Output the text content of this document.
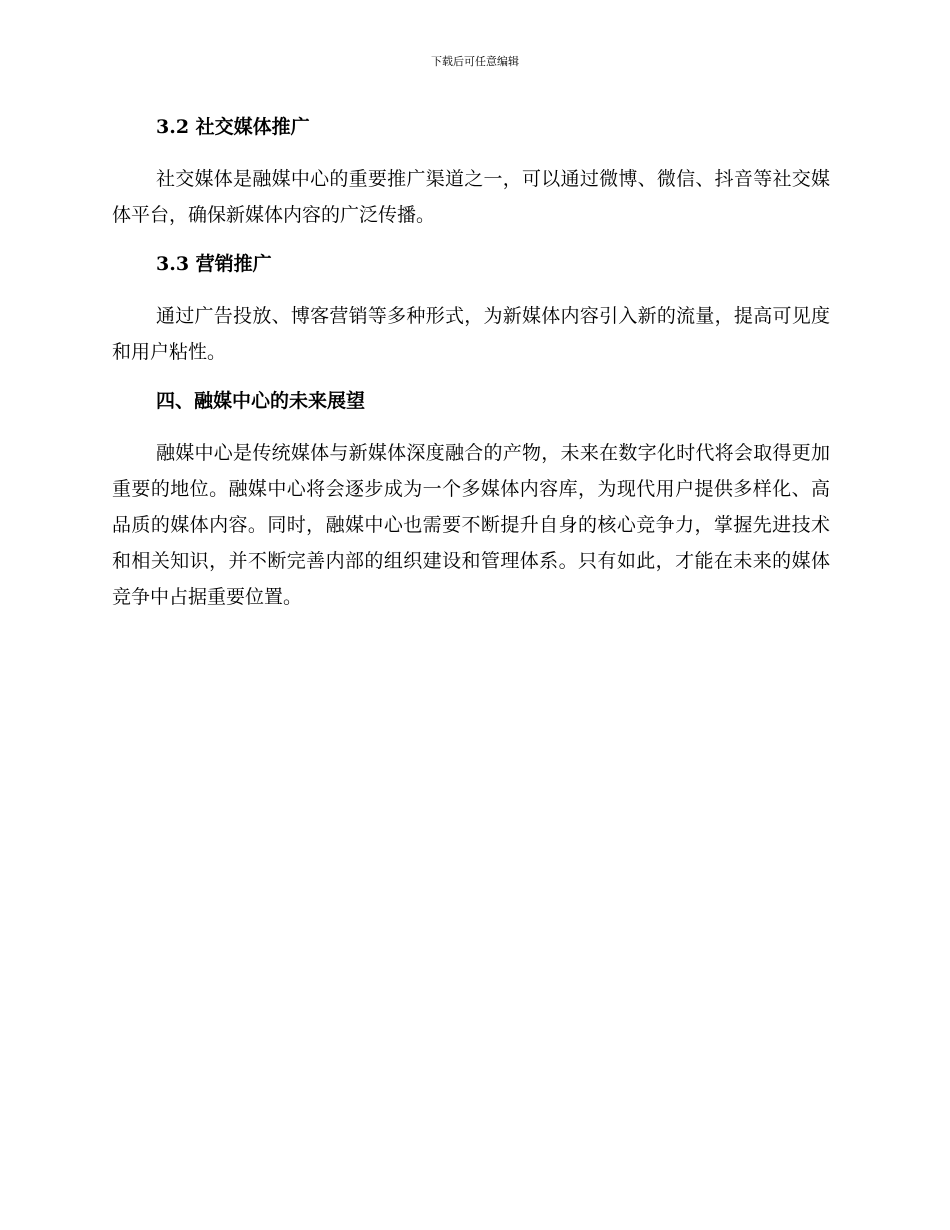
下载后可任意编辑
3.2 社交媒体推广

社交媒体是融媒中心的重要推广渠道之一，可以通过微博、微信、抖音等社交媒体平台，确保新媒体内容的广泛传播。

3.3 营销推广

通过广告投放、博客营销等多种形式，为新媒体内容引入新的流量，提高可见度和用户粘性。

四、融媒中心的未来展望

融媒中心是传统媒体与新媒体深度融合的产物，未来在数字化时代将会取得更加重要的地位。融媒中心将会逐步成为一个多媒体内容库，为现代用户提供多样化、高品质的媒体内容。同时，融媒中心也需要不断提升自身的核心竞争力，掌握先进技术和相关知识，并不断完善内部的组织建设和管理体系。只有如此，才能在未来的媒体竞争中占据重要位置。
